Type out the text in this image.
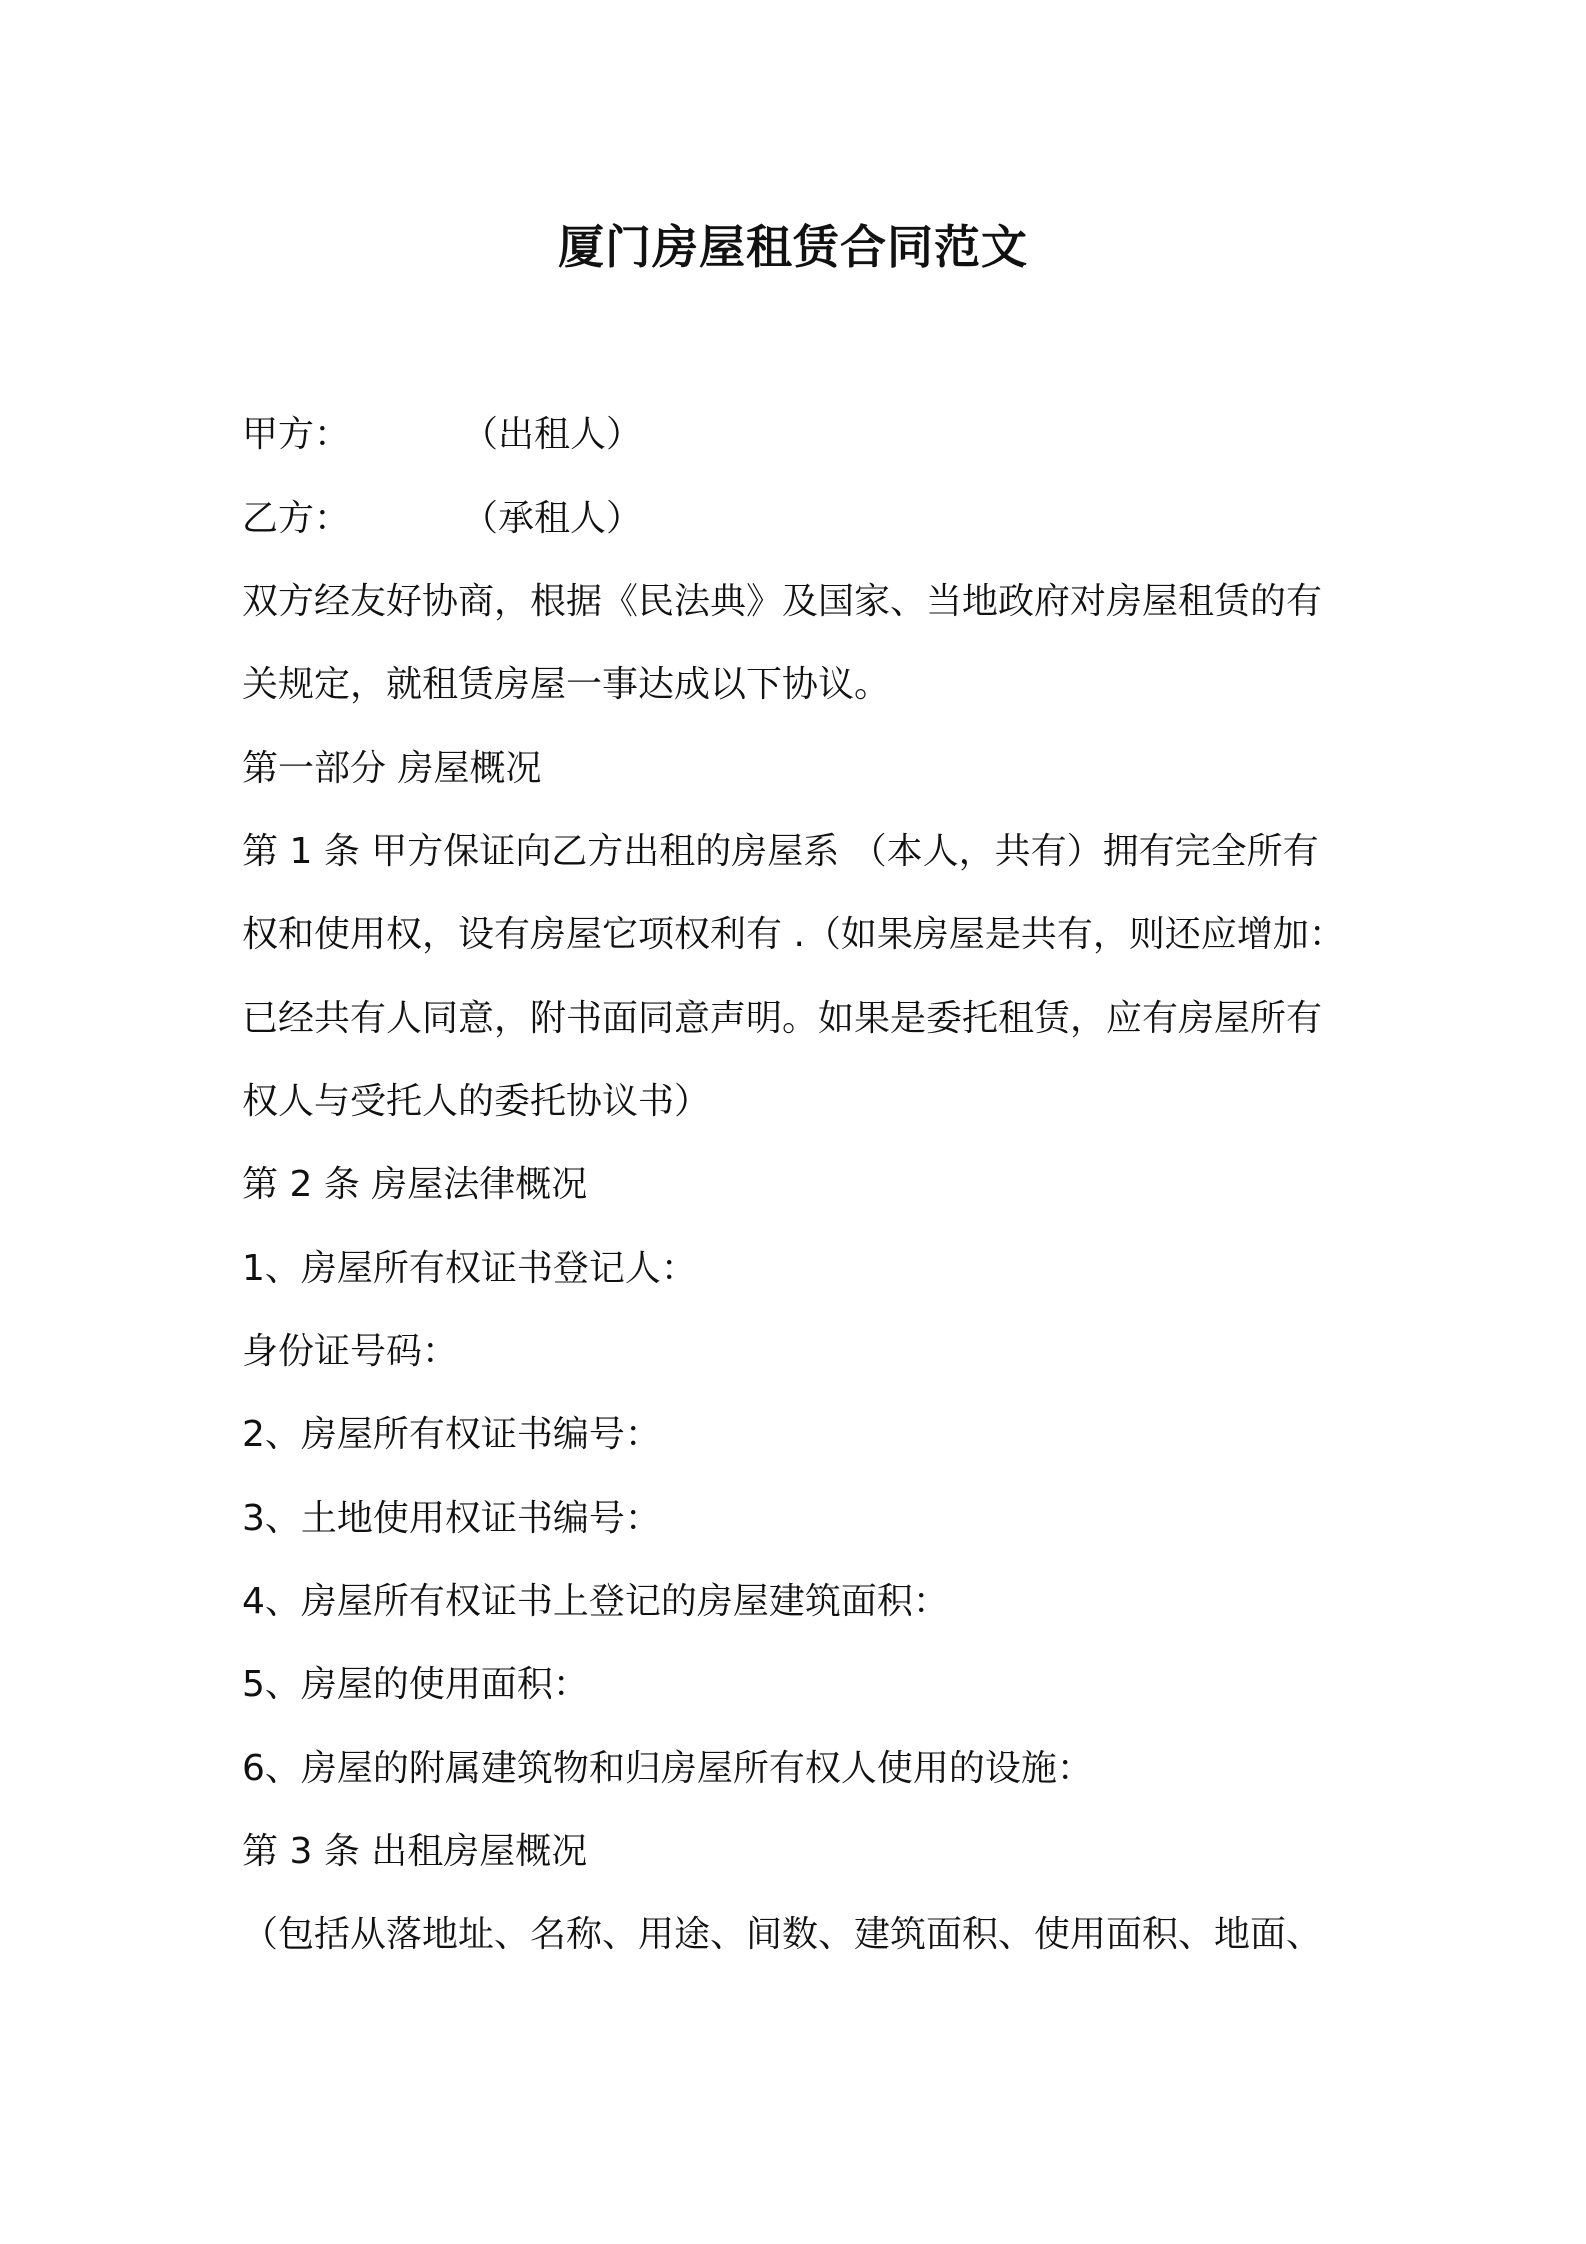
厦门房屋租赁合同范文

甲方：	（出租人）

乙方：	（承租人）

双方经友好协商，根据《民法典》及国家、当地政府对房屋租赁的有

关规定，就租赁房屋一事达成以下协议。

第一部分 房屋概况

第 1 条 甲方保证向乙方出租的房屋系 （本人，共有）拥有完全所有

权和使用权，设有房屋它项权利有 .（如果房屋是共有，则还应增加：

已经共有人同意，附书面同意声明。如果是委托租赁，应有房屋所有

权人与受托人的委托协议书）

第 2 条 房屋法律概况

1、房屋所有权证书登记人：

身份证号码：

2、房屋所有权证书编号：

3、土地使用权证书编号：

4、房屋所有权证书上登记的房屋建筑面积：

5、房屋的使用面积：

6、房屋的附属建筑物和归房屋所有权人使用的设施：

第 3 条 出租房屋概况

（包括从落地址、名称、用途、间数、建筑面积、使用面积、地面、
